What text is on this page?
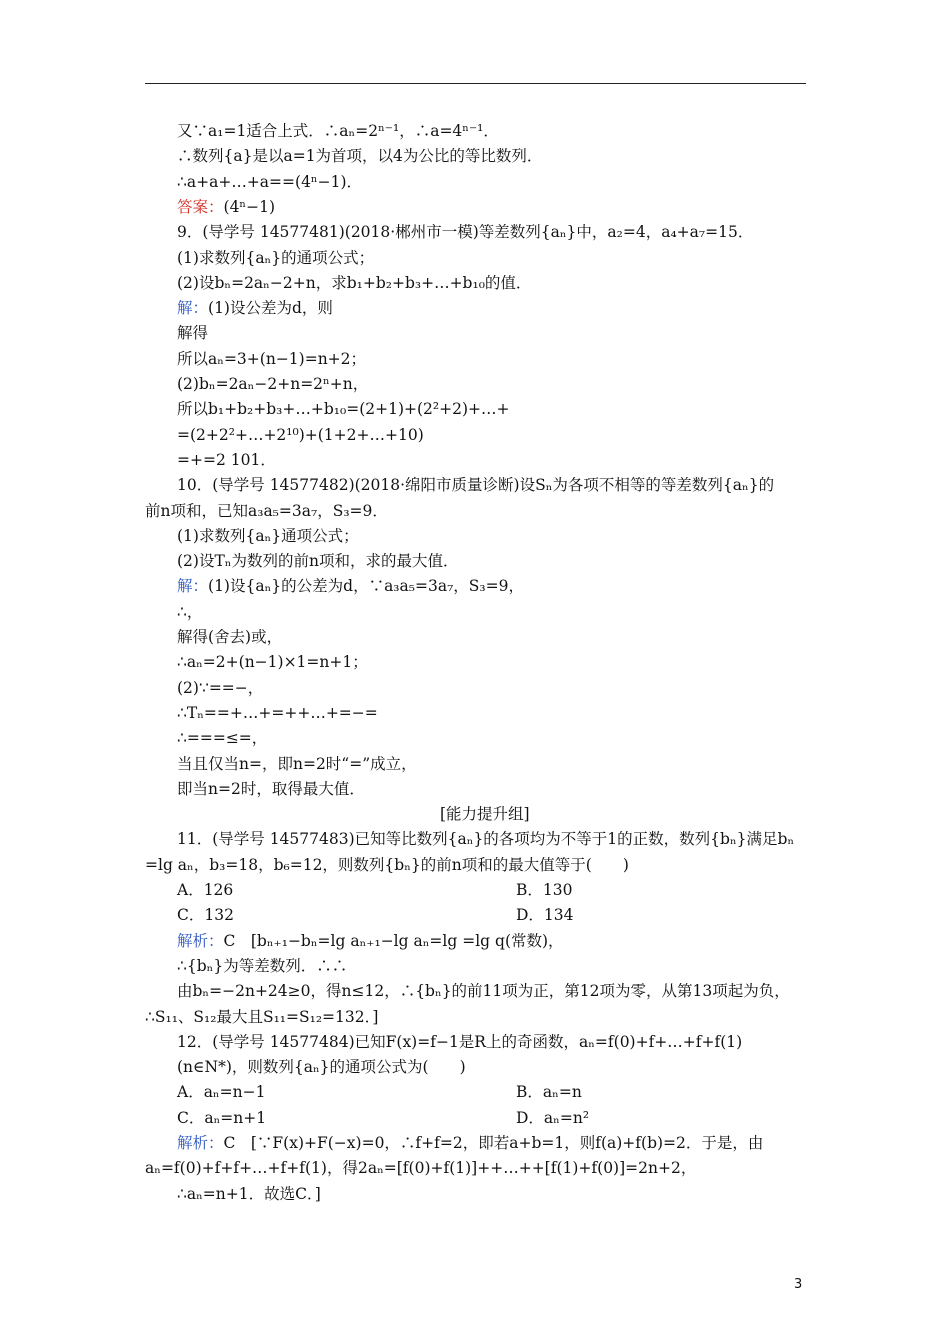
又∵a₁=1适合上式．∴aₙ=2ⁿ⁻¹，∴a=4ⁿ⁻¹．
∴数列{a}是以a=1为首项，以4为公比的等比数列．
∴a+a+…+a==(4ⁿ−1)．
答案：(4ⁿ−1)
9．(导学号 14577481)(2018·郴州市一模)等差数列{aₙ}中，a₂=4，a₄+a₇=15．
(1)求数列{aₙ}的通项公式；
(2)设bₙ=2aₙ−2+n，求b₁+b₂+b₃+…+b₁₀的值．
解：(1)设公差为d，则
解得
所以aₙ=3+(n−1)=n+2；
(2)bₙ=2aₙ−2+n=2ⁿ+n，
所以b₁+b₂+b₃+…+b₁₀=(2+1)+(2²+2)+…+
=(2+2²+…+2¹⁰)+(1+2+…+10)
=+=2 101．
10．(导学号 14577482)(2018·绵阳市质量诊断)设Sₙ为各项不相等的等差数列{aₙ}的
前n项和，已知a₃a₅=3a₇，S₃=9．
(1)求数列{aₙ}通项公式；
(2)设Tₙ为数列的前n项和，求的最大值．
解：(1)设{aₙ}的公差为d，∵a₃a₅=3a₇，S₃=9，
∴，
解得(舍去)或，
∴aₙ=2+(n−1)×1=n+1；
(2)∵==−，
∴Tₙ==+…+=++…+=−=
∴===≤=，
当且仅当n=，即n=2时“=”成立，
即当n=2时，取得最大值．
[能力提升组]
11．(导学号 14577483)已知等比数列{aₙ}的各项均为不等于1的正数，数列{bₙ}满足bₙ
=lg aₙ，b₃=18，b₆=12，则数列{bₙ}的前n项和的最大值等于(　　)
A．126	B．130
C．132	D．134
解析：C　[bₙ₊₁−bₙ=lg aₙ₊₁−lg aₙ=lg =lg q(常数)，
∴{bₙ}为等差数列．∴∴
由bₙ=−2n+24≥0，得n≤12，∴{bₙ}的前11项为正，第12项为零，从第13项起为负，
∴S₁₁、S₁₂最大且S₁₁=S₁₂=132．]
12．(导学号 14577484)已知F(x)=f−1是R上的奇函数，aₙ=f(0)+f+…+f+f(1)
(n∈N*)，则数列{aₙ}的通项公式为(　　)
A．aₙ=n−1	B．aₙ=n
C．aₙ=n+1	D．aₙ=n²
解析：C　[∵F(x)+F(−x)=0，∴f+f=2，即若a+b=1，则f(a)+f(b)=2．于是，由
aₙ=f(0)+f+f+…+f+f(1)，得2aₙ=[f(0)+f(1)]++…++[f(1)+f(0)]=2n+2，
∴aₙ=n+1．故选C．]
3
